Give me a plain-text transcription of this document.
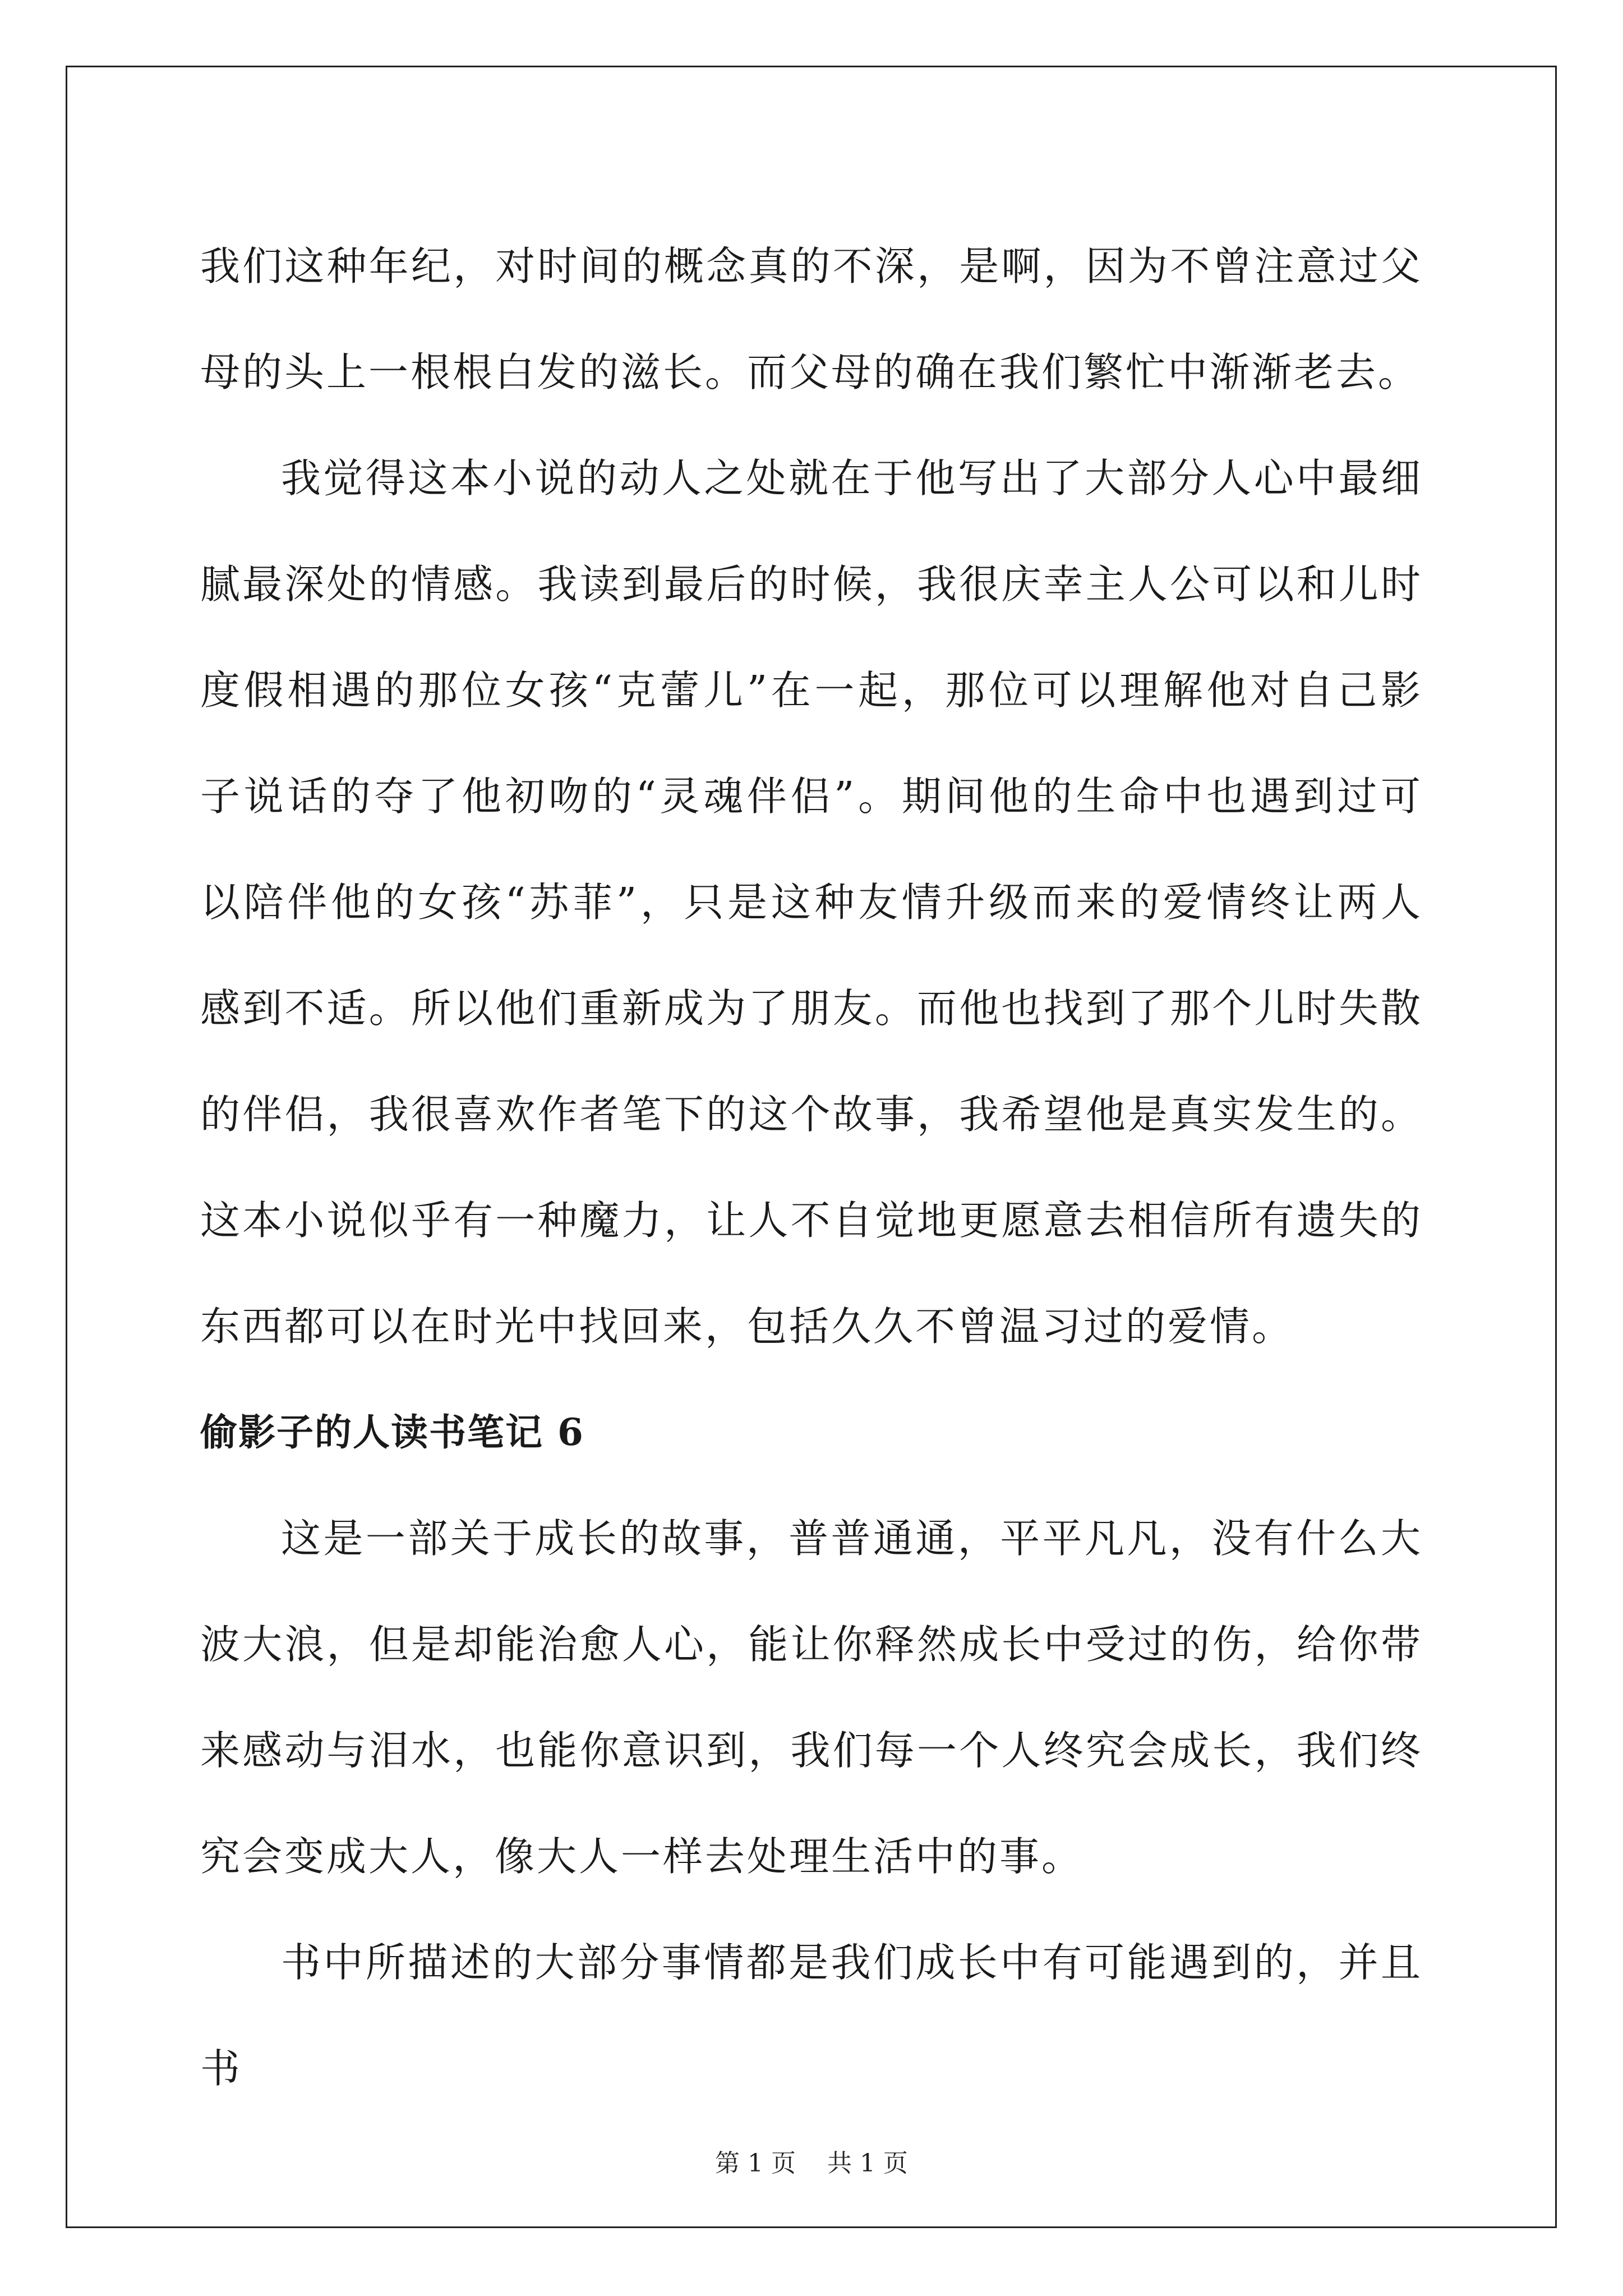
我们这种年纪，对时间的概念真的不深，是啊，因为不曾注意过父母的头上一根根白发的滋长。而父母的确在我们繁忙中渐渐老去。

我觉得这本小说的动人之处就在于他写出了大部分人心中最细腻最深处的情感。我读到最后的时候，我很庆幸主人公可以和儿时度假相遇的那位女孩“克蕾儿”在一起，那位可以理解他对自己影子说话的夺了他初吻的“灵魂伴侣”。期间他的生命中也遇到过可以陪伴他的女孩“苏菲”，只是这种友情升级而来的爱情终让两人感到不适。所以他们重新成为了朋友。而他也找到了那个儿时失散的伴侣，我很喜欢作者笔下的这个故事，我希望他是真实发生的。这本小说似乎有一种魔力，让人不自觉地更愿意去相信所有遗失的东西都可以在时光中找回来，包括久久不曾温习过的爱情。

偷影子的人读书笔记 6

这是一部关于成长的故事，普普通通，平平凡凡，没有什么大波大浪，但是却能治愈人心，能让你释然成长中受过的伤，给你带来感动与泪水，也能你意识到，我们每一个人终究会成长，我们终究会变成大人，像大人一样去处理生活中的事。

书中所描述的大部分事情都是我们成长中有可能遇到的，并且书

第 1 页    共 1 页
